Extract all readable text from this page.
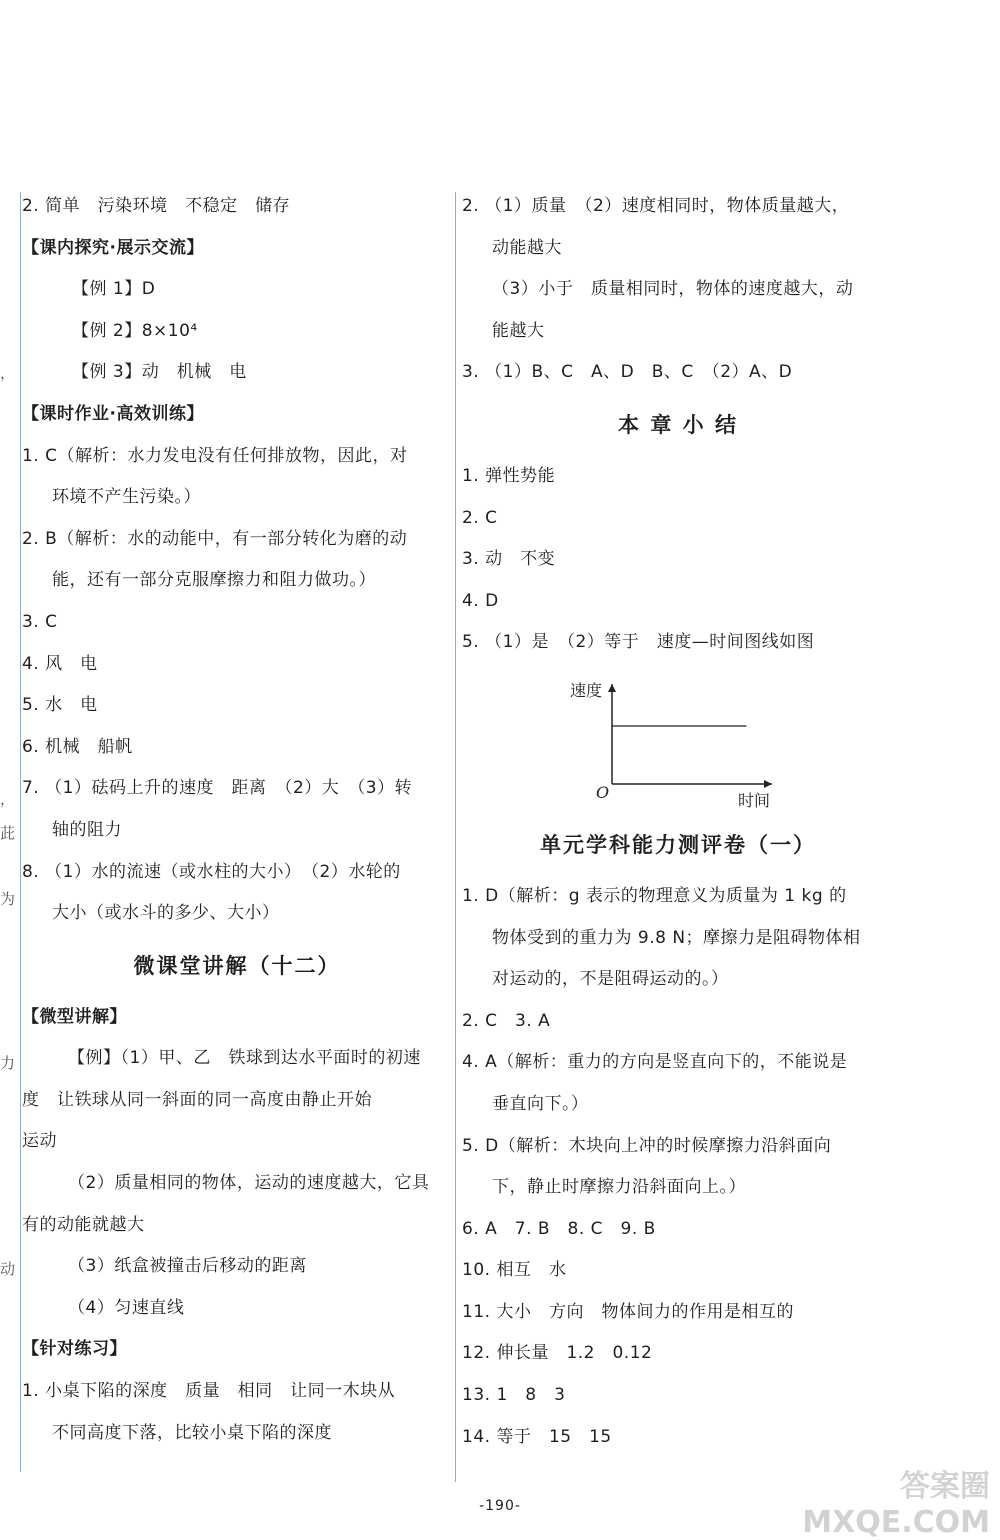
，
，
茈
为
力
动
2. 简单　污染环境　不稳定　储存
【课内探究·展示交流】
【例 1】D
【例 2】8×10⁴
【例 3】动　机械　电
【课时作业·高效训练】
1. C（解析：水力发电没有任何排放物，因此，对
环境不产生污染。）
2. B（解析：水的动能中，有一部分转化为磨的动
能，还有一部分克服摩擦力和阻力做功。）
3. C
4. 风　电
5. 水　电
6. 机械　船帆
7. （1）砝码上升的速度　距离　（2）大　（3）转
轴的阻力
8. （1）水的流速（或水柱的大小）　（2）水轮的
大小（或水斗的多少、大小）
微课堂讲解（十二）
【微型讲解】
【例】（1）甲、乙　铁球到达水平面时的初速
度　让铁球从同一斜面的同一高度由静止开始
运动
（2）质量相同的物体，运动的速度越大，它具
有的动能就越大
（3）纸盒被撞击后移动的距离
（4）匀速直线
【针对练习】
1. 小桌下陷的深度　质量　相同　让同一木块从
不同高度下落，比较小桌下陷的深度
2. （1）质量　（2）速度相同时，物体质量越大，
动能越大
（3）小于　质量相同时，物体的速度越大，动
能越大
3. （1）B、C　A、D　B、C　（2）A、D
本 章 小 结
1. 弹性势能
2. C
3. 动　不变
4. D
5. （1）是　（2）等于　速度—时间图线如图
速度
时间
O
单元学科能力测评卷（一）
1. D（解析：g 表示的物理意义为质量为 1 kg 的
物体受到的重力为 9.8 N；摩擦力是阻碍物体相
对运动的，不是阻碍运动的。）
2. C　3. A
4. A（解析：重力的方向是竖直向下的，不能说是
垂直向下。）
5. D（解析：木块向上冲的时候摩擦力沿斜面向
下，静止时摩擦力沿斜面向上。）
6. A　7. B　8. C　9. B
10. 相互　水
11. 大小　方向　物体间力的作用是相互的
12. 伸长量　1.2　0.12
13. 1　8　3
14. 等于　15　15
-190-
答案圈 MXQE.COM
